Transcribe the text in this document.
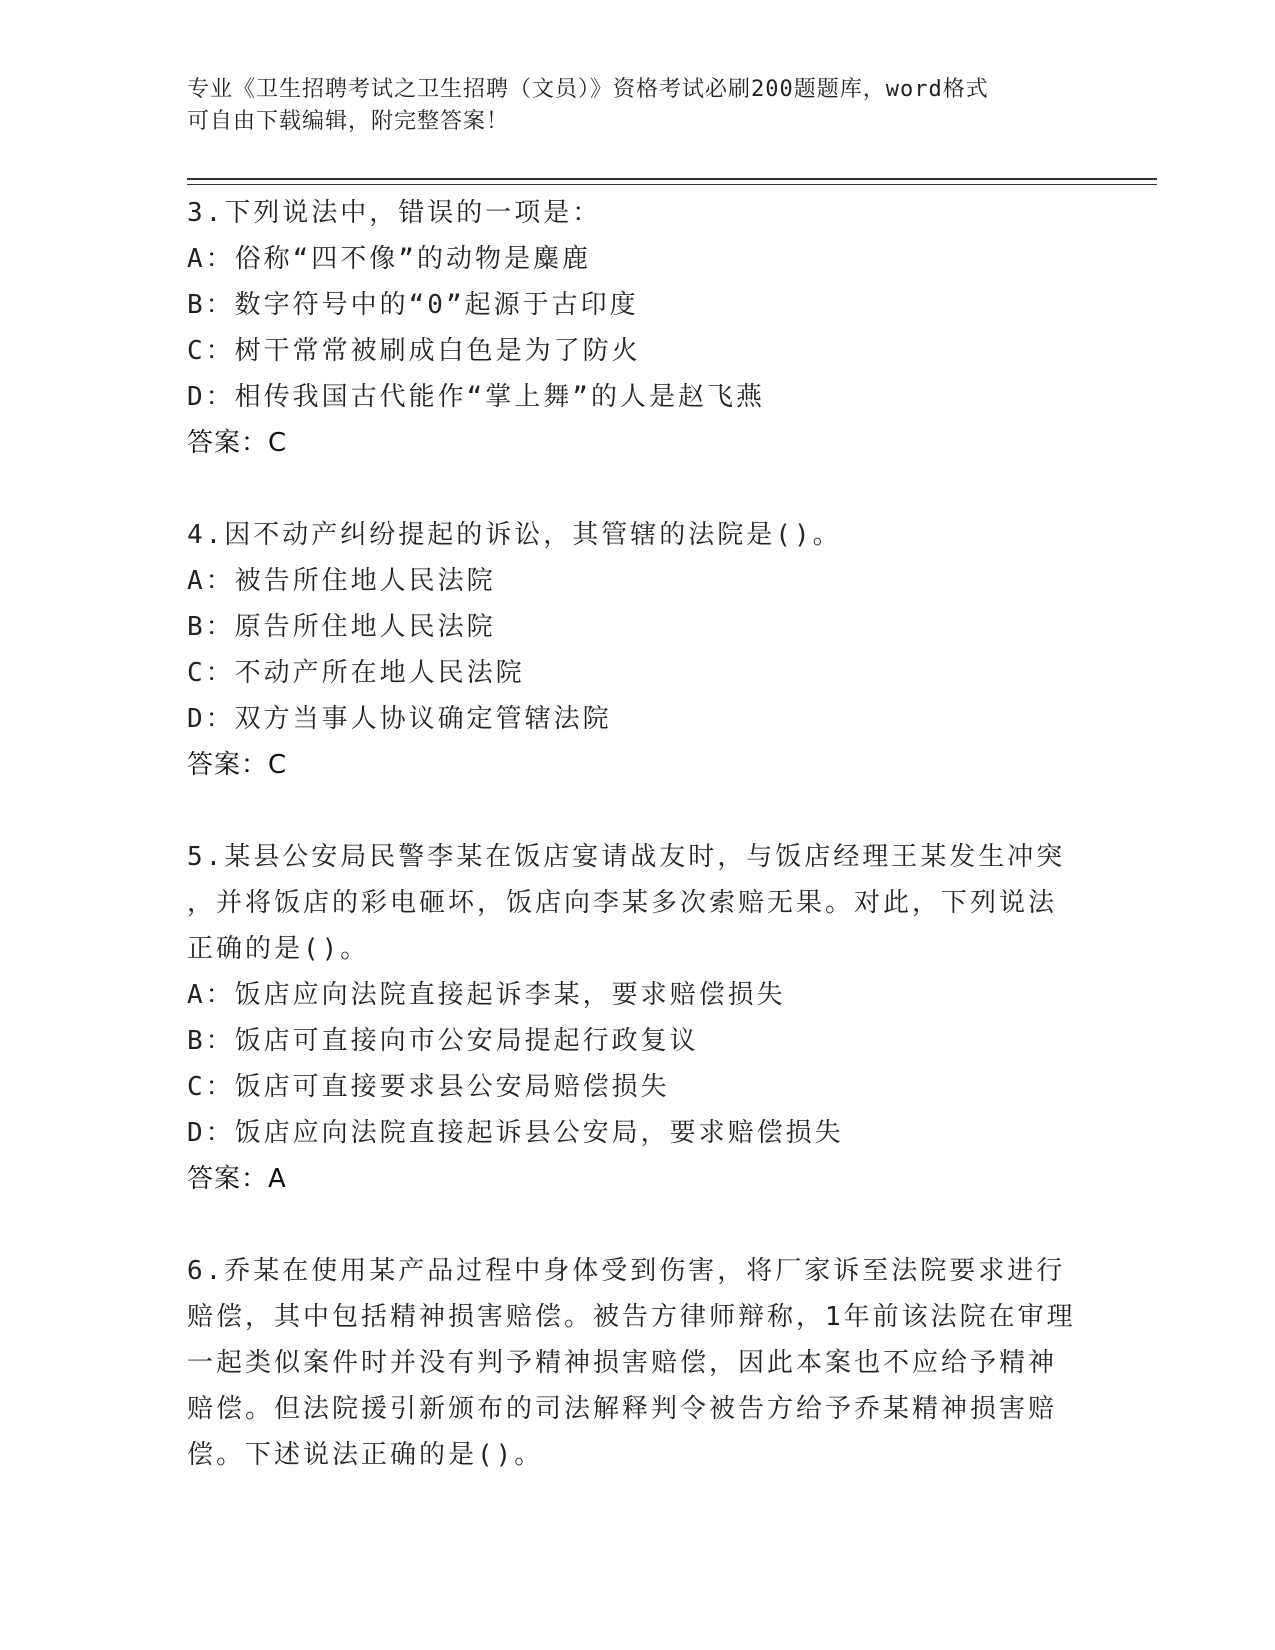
专业《卫生招聘考试之卫生招聘（文员）》资格考试必刷200题题库，word格式
可自由下载编辑，附完整答案！
3.下列说法中，错误的一项是：
A：俗称“四不像”的动物是麋鹿
B：数字符号中的“0”起源于古印度
C：树干常常被刷成白色是为了防火
D：相传我国古代能作“掌上舞”的人是赵飞燕
答案：C
4.因不动产纠纷提起的诉讼，其管辖的法院是()。
A：被告所住地人民法院
B：原告所住地人民法院
C：不动产所在地人民法院
D：双方当事人协议确定管辖法院
答案：C
5.某县公安局民警李某在饭店宴请战友时，与饭店经理王某发生冲突
，并将饭店的彩电砸坏，饭店向李某多次索赔无果。对此，下列说法
正确的是()。
A：饭店应向法院直接起诉李某，要求赔偿损失
B：饭店可直接向市公安局提起行政复议
C：饭店可直接要求县公安局赔偿损失
D：饭店应向法院直接起诉县公安局，要求赔偿损失
答案：A
6.乔某在使用某产品过程中身体受到伤害，将厂家诉至法院要求进行
赔偿，其中包括精神损害赔偿。被告方律师辩称，1年前该法院在审理
一起类似案件时并没有判予精神损害赔偿，因此本案也不应给予精神
赔偿。但法院援引新颁布的司法解释判令被告方给予乔某精神损害赔
偿。下述说法正确的是()。
